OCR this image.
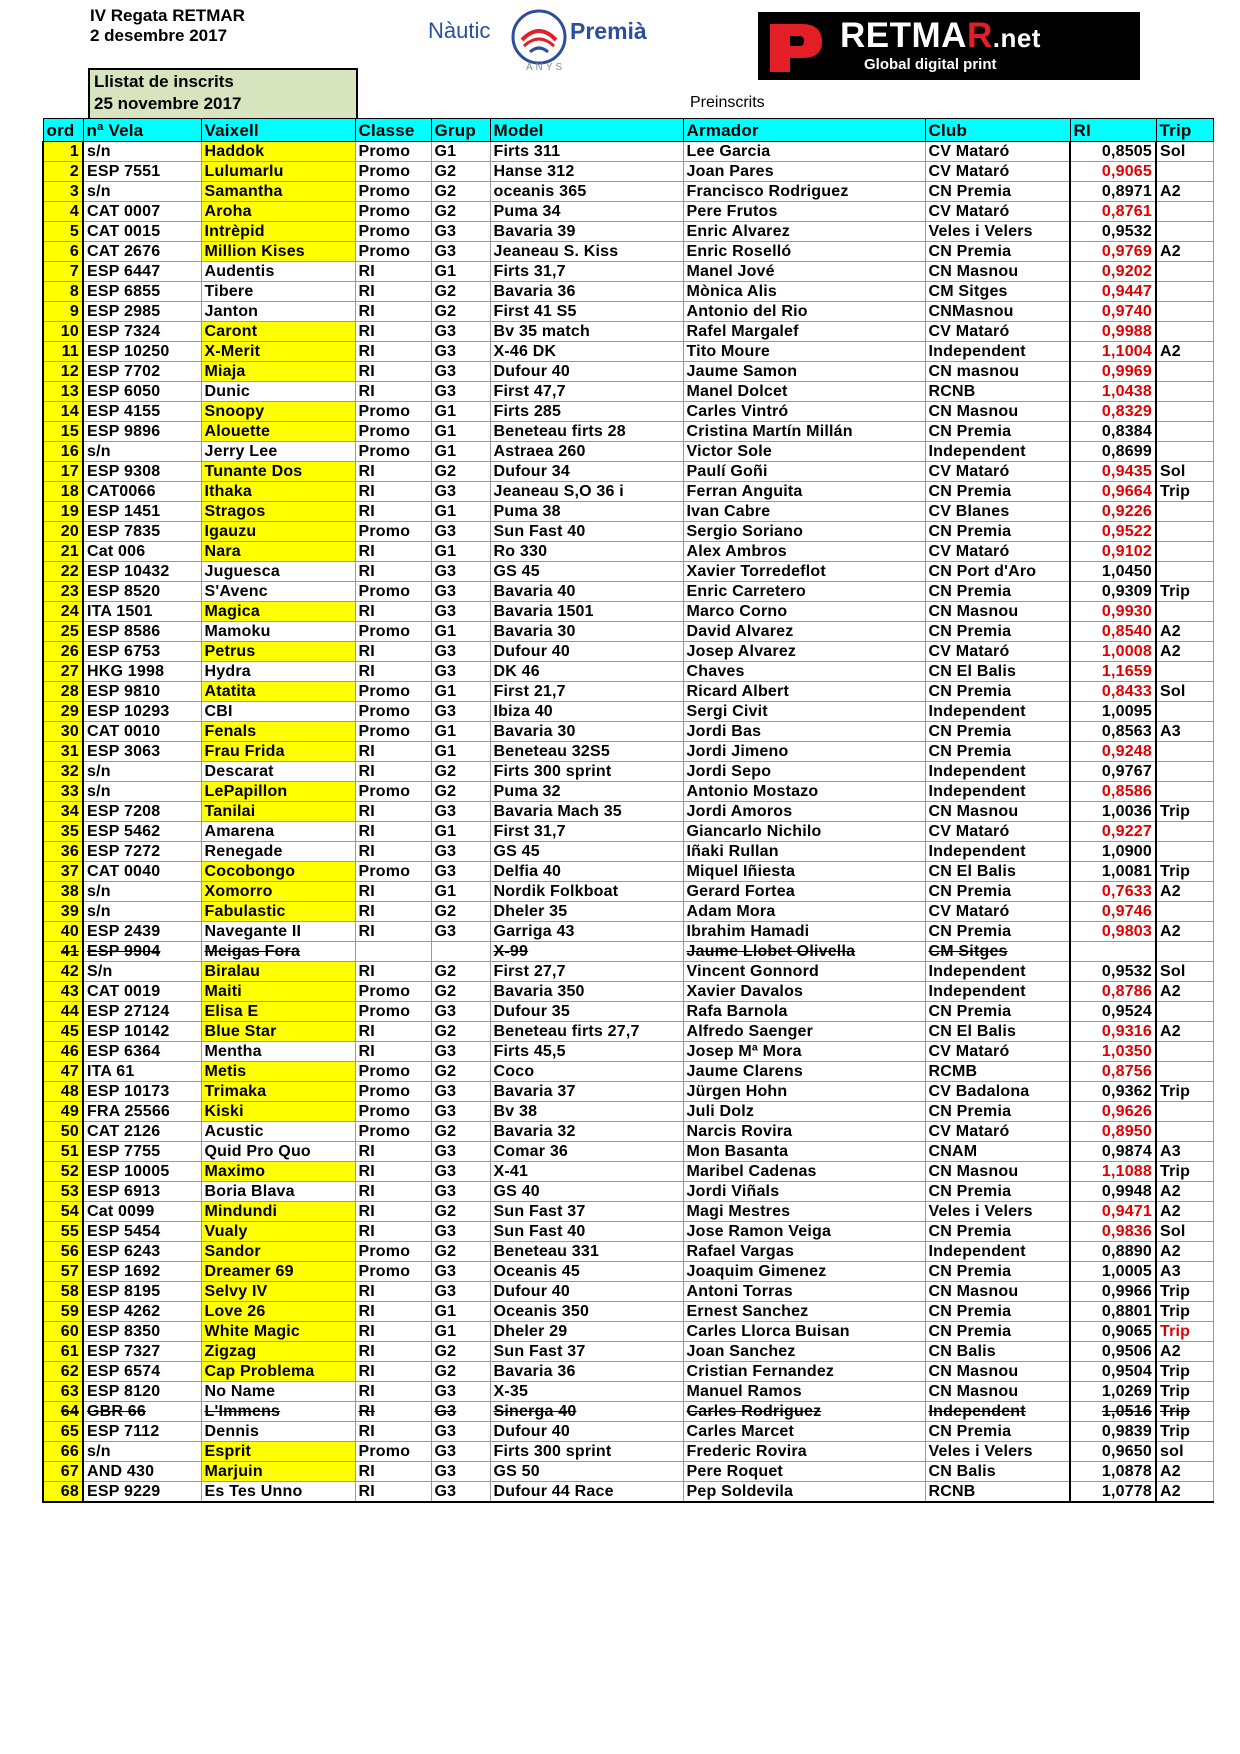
IV Regata RETMAR
2 desembre 2017	Nàutic	Premià
ANYS
RETMAR.net
Global digital print
Llistat de inscrits
25 novembre 2017	Preinscrits
ord	nª Vela	Vaixell	Classe	Grup	Model	Armador	Club	RI	Trip
1	s/n	Haddok	Promo	G1	Firts 311	Lee Garcia	CV Mataró	0,8505	Sol
2	ESP 7551	Lulumarlu	Promo	G2	Hanse 312	Joan Pares	CV Mataró	0,9065	
3	s/n	Samantha	Promo	G2	oceanis 365	Francisco Rodriguez	CN Premia	0,8971	A2
4	CAT 0007	Aroha	Promo	G2	Puma 34	Pere Frutos	CV Mataró	0,8761	
5	CAT 0015	Intrèpid	Promo	G3	Bavaria 39	Enric Alvarez	Veles i Velers	0,9532	
6	CAT 2676	Million Kises	Promo	G3	Jeaneau S. Kiss	Enric Roselló	CN Premia	0,9769	A2
7	ESP 6447	Audentis	RI	G1	Firts 31,7	Manel Jové	CN Masnou	0,9202	
8	ESP 6855	Tibere	RI	G2	Bavaria 36	Mònica Alis	CM Sitges	0,9447	
9	ESP 2985	Janton	RI	G2	First 41 S5	Antonio del Rio	CNMasnou	0,9740	
10	ESP 7324	Caront	RI	G3	Bv 35 match	Rafel Margalef	CV Mataró	0,9988	
11	ESP 10250	X-Merit	RI	G3	X-46 DK	Tito Moure	Independent	1,1004	A2
12	ESP 7702	Miaja	RI	G3	Dufour 40	Jaume Samon	CN masnou	0,9969	
13	ESP 6050	Dunic	RI	G3	First 47,7	Manel Dolcet	RCNB	1,0438	
14	ESP 4155	Snoopy	Promo	G1	Firts 285	Carles Vintró	CN Masnou	0,8329	
15	ESP 9896	Alouette	Promo	G1	Beneteau firts 28	Cristina Martín Millán	CN Premia	0,8384	
16	s/n	Jerry Lee	Promo	G1	Astraea 260	Victor Sole	Independent	0,8699	
17	ESP 9308	Tunante Dos	RI	G2	Dufour 34	Paulí Goñi	CV Mataró	0,9435	Sol
18	CAT0066	Ithaka	RI	G3	Jeaneau S,O 36 i	Ferran Anguita	CN Premia	0,9664	Trip
19	ESP 1451	Stragos	RI	G1	Puma 38	Ivan Cabre	CV Blanes	0,9226	
20	ESP 7835	Igauzu	Promo	G3	Sun Fast 40	Sergio Soriano	CN Premia	0,9522	
21	Cat 006	Nara	RI	G1	Ro 330	Alex Ambros	CV Mataró	0,9102	
22	ESP 10432	Juguesca	RI	G3	GS 45	Xavier Torredeflot	CN Port d'Aro	1,0450	
23	ESP 8520	S'Avenc	Promo	G3	Bavaria 40	Enric Carretero	CN Premia	0,9309	Trip
24	ITA 1501	Magica	RI	G3	Bavaria 1501	Marco Corno	CN Masnou	0,9930	
25	ESP 8586	Mamoku	Promo	G1	Bavaria 30	David Alvarez	CN Premia	0,8540	A2
26	ESP 6753	Petrus	RI	G3	Dufour 40	Josep Alvarez	CV Mataró	1,0008	A2
27	HKG 1998	Hydra	RI	G3	DK 46	Chaves	CN El Balis	1,1659	
28	ESP 9810	Atatita	Promo	G1	First 21,7	Ricard Albert	CN Premia	0,8433	Sol
29	ESP 10293	CBI	Promo	G3	Ibiza 40	Sergi Civit	Independent	1,0095	
30	CAT 0010	Fenals	Promo	G1	Bavaria 30	Jordi Bas	CN Premia	0,8563	A3
31	ESP 3063	Frau Frida	RI	G1	Beneteau 32S5	Jordi Jimeno	CN Premia	0,9248	
32	s/n	Descarat	RI	G2	Firts 300 sprint	Jordi Sepo	Independent	0,9767	
33	s/n	LePapillon	Promo	G2	Puma 32	Antonio Mostazo	Independent	0,8586	
34	ESP 7208	Tanilai	RI	G3	Bavaria Mach 35	Jordi Amoros	CN Masnou	1,0036	Trip
35	ESP 5462	Amarena	RI	G1	First 31,7	Giancarlo Nichilo	CV Mataró	0,9227	
36	ESP 7272	Renegade	RI	G3	GS 45	Iñaki Rullan	Independent	1,0900	
37	CAT 0040	Cocobongo	Promo	G3	Delfia 40	Miquel Iñiesta	CN El Balis	1,0081	Trip
38	s/n	Xomorro	RI	G1	Nordik Folkboat	Gerard Fortea	CN Premia	0,7633	A2
39	s/n	Fabulastic	RI	G2	Dheler 35	Adam Mora	CV Mataró	0,9746	
40	ESP 2439	Navegante II	RI	G3	Garriga 43	Ibrahim Hamadi	CN Premia	0,9803	A2
41	ESP 9904	Meigas Fora			X-99	Jaume Llobet Olivella	CM Sitges		
42	S/n	Biralau	RI	G2	First 27,7	Vincent Gonnord	Independent	0,9532	Sol
43	CAT 0019	Maiti	Promo	G2	Bavaria 350	Xavier Davalos	Independent	0,8786	A2
44	ESP 27124	Elisa E	Promo	G3	Dufour 35	Rafa Barnola	CN Premia	0,9524	
45	ESP 10142	Blue Star	RI	G2	Beneteau firts 27,7	Alfredo Saenger	CN El Balis	0,9316	A2
46	ESP 6364	Mentha	RI	G3	Firts 45,5	Josep Mª Mora	CV Mataró	1,0350	
47	ITA 61	Metis	Promo	G2	Coco	Jaume Clarens	RCMB	0,8756	
48	ESP 10173	Trimaka	Promo	G3	Bavaria 37	Jürgen Hohn	CV Badalona	0,9362	Trip
49	FRA 25566	Kiski	Promo	G3	Bv 38	Juli Dolz	CN Premia	0,9626	
50	CAT 2126	Acustic	Promo	G2	Bavaria 32	Narcis Rovira	CV Mataró	0,8950	
51	ESP 7755	Quid Pro Quo	RI	G3	Comar 36	Mon Basanta	CNAM	0,9874	A3
52	ESP 10005	Maximo	RI	G3	X-41	Maribel Cadenas	CN Masnou	1,1088	Trip
53	ESP 6913	Boria Blava	RI	G3	GS 40	Jordi Viñals	CN Premia	0,9948	A2
54	Cat 0099	Mindundi	RI	G2	Sun Fast 37	Magi Mestres	Veles i Velers	0,9471	A2
55	ESP 5454	Vualy	RI	G3	Sun Fast 40	Jose Ramon Veiga	CN Premia	0,9836	Sol
56	ESP 6243	Sandor	Promo	G2	Beneteau 331	Rafael Vargas	Independent	0,8890	A2
57	ESP 1692	Dreamer 69	Promo	G3	Oceanis 45	Joaquim Gimenez	CN Premia	1,0005	A3
58	ESP 8195	Selvy IV	RI	G3	Dufour 40	Antoni Torras	CN Masnou	0,9966	Trip
59	ESP 4262	Love 26	RI	G1	Oceanis 350	Ernest Sanchez	CN Premia	0,8801	Trip
60	ESP 8350	White Magic	RI	G1	Dheler 29	Carles Llorca Buisan	CN Premia	0,9065	Trip
61	ESP 7327	Zigzag	RI	G2	Sun Fast 37	Joan Sanchez	CN Balis	0,9506	A2
62	ESP 6574	Cap Problema	RI	G2	Bavaria 36	Cristian Fernandez	CN Masnou	0,9504	Trip
63	ESP 8120	No Name	RI	G3	X-35	Manuel Ramos	CN Masnou	1,0269	Trip
64	GBR 66	L'Immens	RI	G3	Sinerga 40	Carles Rodriguez	Independent	1,0516	Trip
65	ESP 7112	Dennis	RI	G3	Dufour 40	Carles Marcet	CN Premia	0,9839	Trip
66	s/n	Esprit	Promo	G3	Firts 300 sprint	Frederic Rovira	Veles i Velers	0,9650	sol
67	AND 430	Marjuin	RI	G3	GS 50	Pere Roquet	CN Balis	1,0878	A2
68	ESP 9229	Es Tes Unno	RI	G3	Dufour 44 Race	Pep Soldevila	RCNB	1,0778	A2
